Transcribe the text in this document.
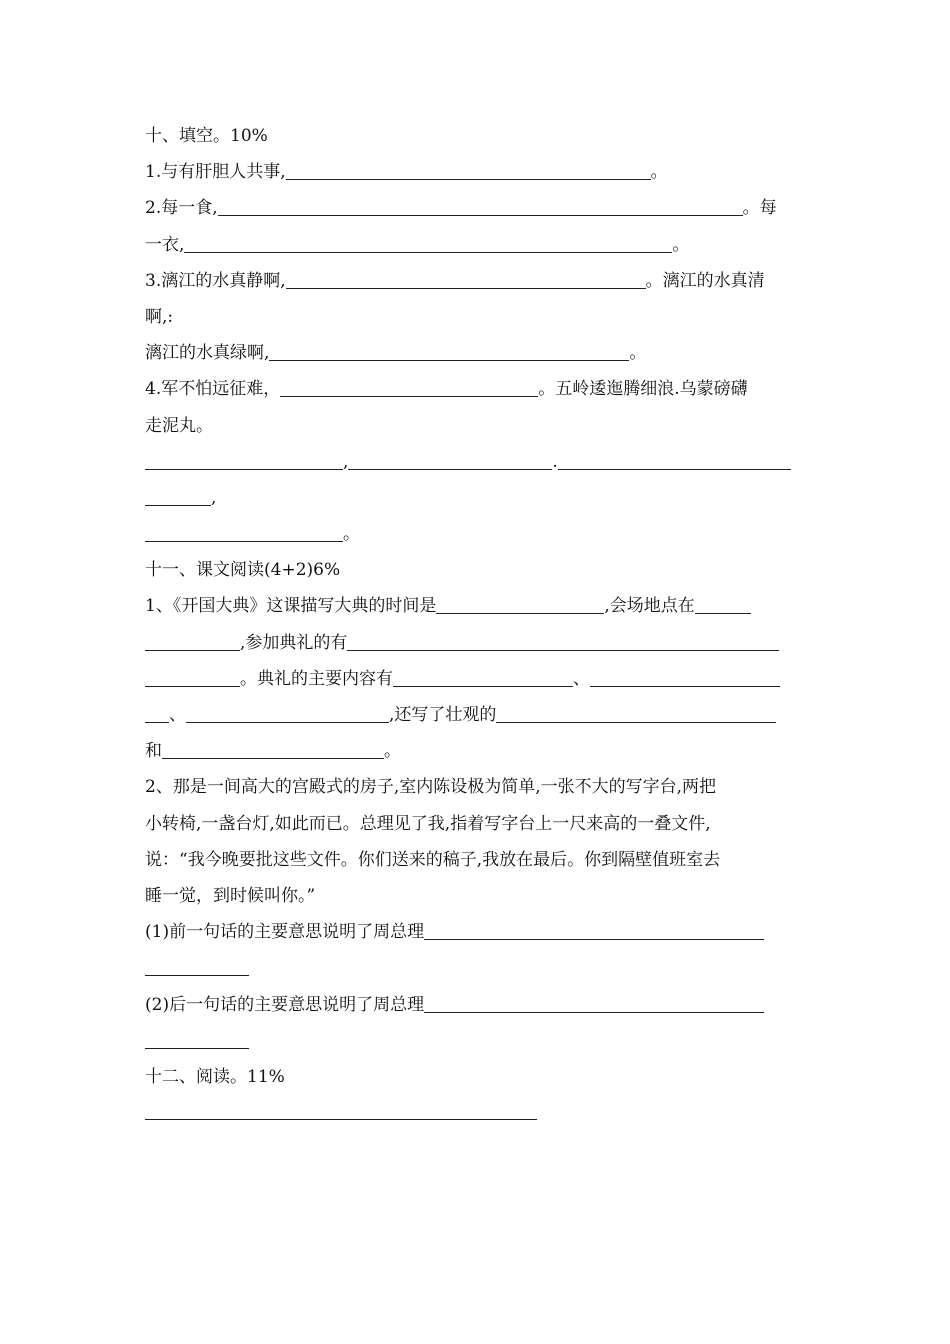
十、填空。10%
1.与有肝胆人共事,	。
2.每一食,	。每
一衣,	。
3.漓江的水真静啊,	。漓江的水真清
啊,:
漓江的水真绿啊,	。
4.军不怕远征难，	。五岭逶迤腾细浪.乌蒙磅礴
走泥丸。
,	.
,
。
十一、课文阅读(4+2)6%
1、《开国大典》这课描写大典的时间是	,会场地点在
,参加典礼的有
。典礼的主要内容有	、
、	,还写了壮观的
和	。
2、那是一间高大的宫殿式的房子,室内陈设极为简单,一张不大的写字台,两把
小转椅,一盏台灯,如此而已。总理见了我,指着写字台上一尺来高的一叠文件,
说：“我今晚要批这些文件。你们送来的稿子,我放在最后。你到隔壁值班室去
睡一觉，到时候叫你。”
(1)前一句话的主要意思说明了周总理
(2)后一句话的主要意思说明了周总理
十二、阅读。11%
